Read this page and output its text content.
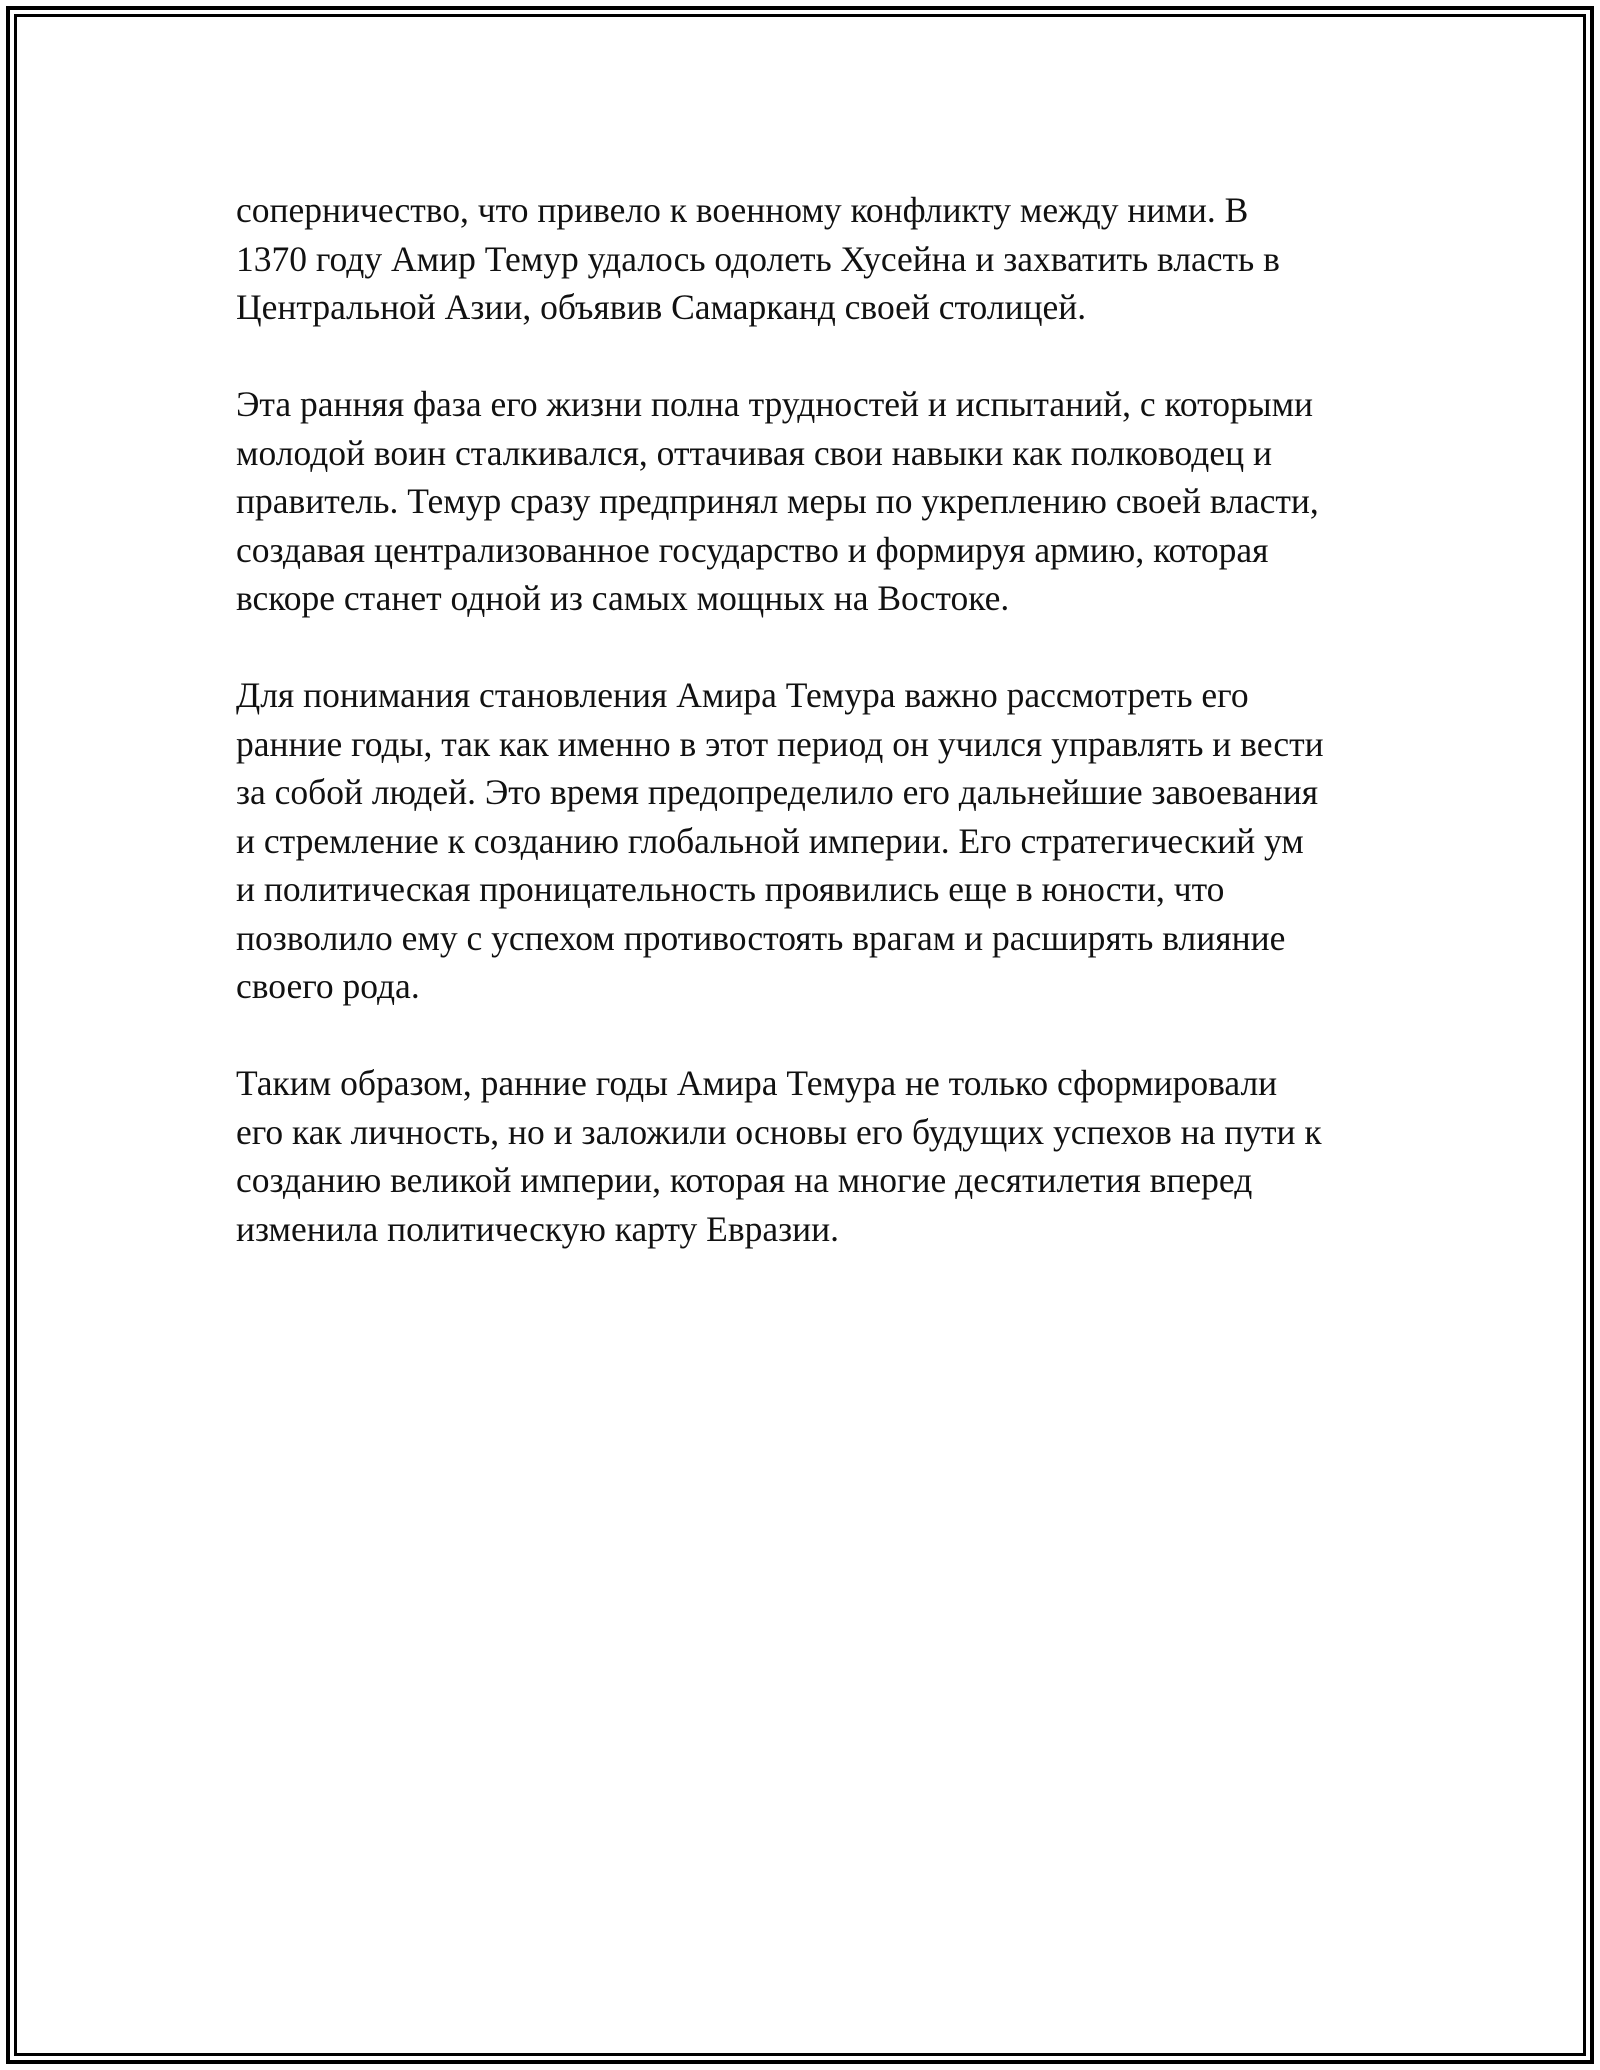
соперничество, что привело к военному конфликту между ними. В
1370 году Амир Темур удалось одолеть Хусейна и захватить власть в
Центральной Азии, объявив Самарканд своей столицей.

Эта ранняя фаза его жизни полна трудностей и испытаний, с которыми
молодой воин сталкивался, оттачивая свои навыки как полководец и
правитель. Темур сразу предпринял меры по укреплению своей власти,
создавая централизованное государство и формируя армию, которая
вскоре станет одной из самых мощных на Востоке.

Для понимания становления Амира Темура важно рассмотреть его
ранние годы, так как именно в этот период он учился управлять и вести
за собой людей. Это время предопределило его дальнейшие завоевания
и стремление к созданию глобальной империи. Его стратегический ум
и политическая проницательность проявились еще в юности, что
позволило ему с успехом противостоять врагам и расширять влияние
своего рода.

Таким образом, ранние годы Амира Темура не только сформировали
его как личность, но и заложили основы его будущих успехов на пути к
созданию великой империи, которая на многие десятилетия вперед
изменила политическую карту Евразии.
